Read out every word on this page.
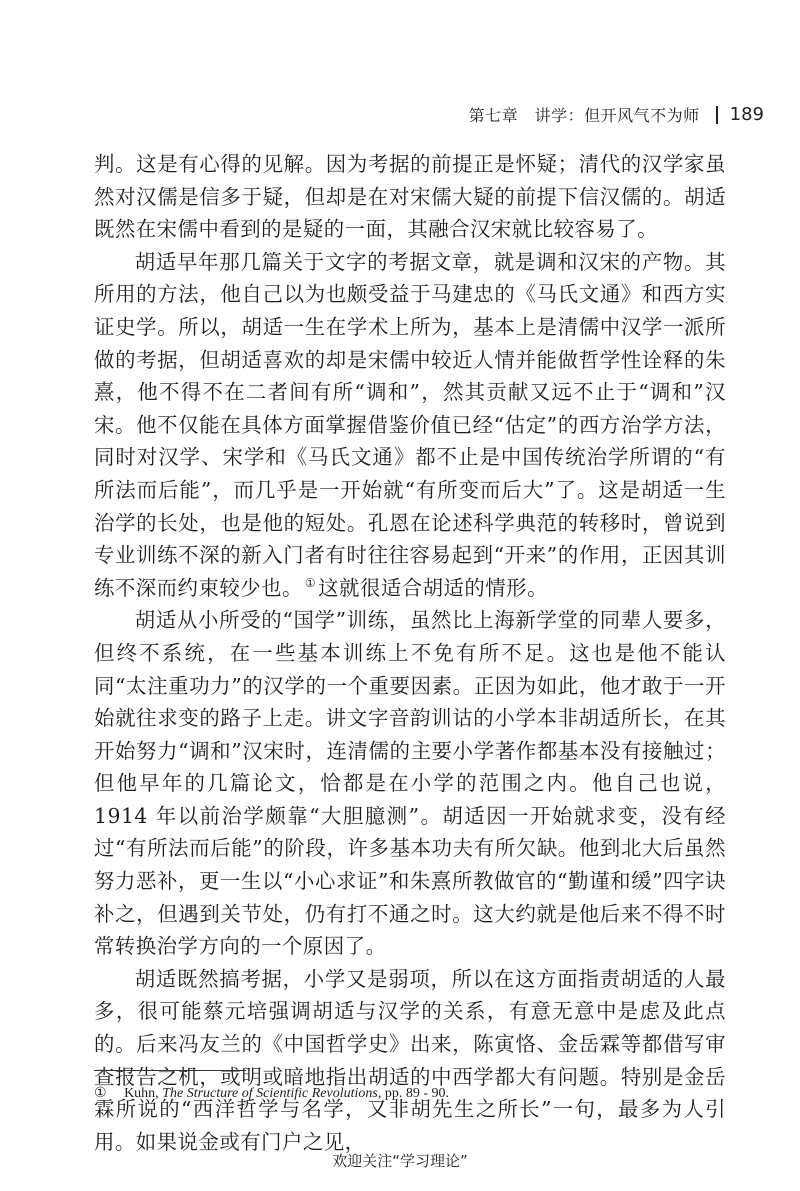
第七章　讲学：但开风气不为师 189

判。这是有心得的见解。因为考据的前提正是怀疑；清代的汉学家虽然对汉儒是信多于疑，但却是在对宋儒大疑的前提下信汉儒的。胡适既然在宋儒中看到的是疑的一面，其融合汉宋就比较容易了。

胡适早年那几篇关于文字的考据文章，就是调和汉宋的产物。其所用的方法，他自己以为也颇受益于马建忠的《马氏文通》和西方实证史学。所以，胡适一生在学术上所为，基本上是清儒中汉学一派所做的考据，但胡适喜欢的却是宋儒中较近人情并能做哲学性诠释的朱熹，他不得不在二者间有所“调和”，然其贡献又远不止于“调和”汉宋。他不仅能在具体方面掌握借鉴价值已经“估定”的西方治学方法，同时对汉学、宋学和《马氏文通》都不止是中国传统治学所谓的“有所法而后能”，而几乎是一开始就“有所变而后大”了。这是胡适一生治学的长处，也是他的短处。孔恩在论述科学典范的转移时，曾说到专业训练不深的新入门者有时往往容易起到“开来”的作用，正因其训练不深而约束较少也。 ①这就很适合胡适的情形。

胡适从小所受的“国学”训练，虽然比上海新学堂的同辈人要多，但终不系统，在一些基本训练上不免有所不足。这也是他不能认同“太注重功力”的汉学的一个重要因素。正因为如此，他才敢于一开始就往求变的路子上走。讲文字音韵训诂的小学本非胡适所长，在其开始努力“调和”汉宋时，连清儒的主要小学著作都基本没有接触过；但他早年的几篇论文，恰都是在小学的范围之内。他自己也说，1914 年以前治学颇靠“大胆臆测”。胡适因一开始就求变，没有经过“有所法而后能”的阶段，许多基本功夫有所欠缺。他到北大后虽然努力恶补，更一生以“小心求证”和朱熹所教做官的“勤谨和缓”四字诀补之，但遇到关节处，仍有打不通之时。这大约就是他后来不得不时常转换治学方向的一个原因了。

胡适既然搞考据，小学又是弱项，所以在这方面指责胡适的人最多，很可能蔡元培强调胡适与汉学的关系，有意无意中是虑及此点的。后来冯友兰的《中国哲学史》出来，陈寅恪、金岳霖等都借写审查报告之机，或明或暗地指出胡适的中西学都大有问题。特别是金岳霖所说的“西洋哲学与名学，又非胡先生之所长”一句，最多为人引用。如果说金或有门户之见，

① Kuhn, The Structure of Scientific Revolutions, pp. 89 - 90.
欢迎关注“学习理论”
